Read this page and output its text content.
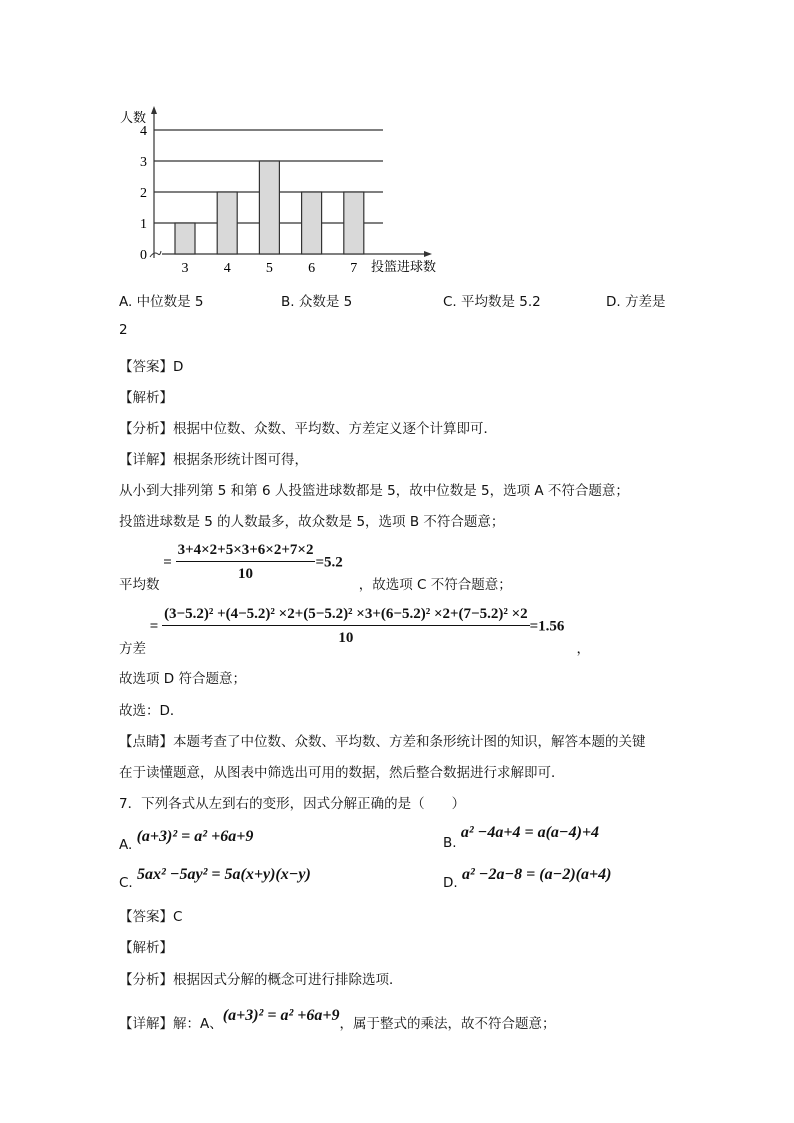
人数
投篮进球数
0
1
2
3
4
3	4	5	6	7
A. 中位数是 5	B. 众数是 5	C. 平均数是 5.2	D. 方差是
2
【答案】D
【解析】
【分析】根据中位数、众数、平均数、方差定义逐个计算即可．
【详解】根据条形统计图可得，
从小到大排列第 5 和第 6 人投篮进球数都是 5，故中位数是 5，选项 A 不符合题意；
投篮进球数是 5 的人数最多，故众数是 5，选项 B 不符合题意；
平均数 = $\frac{3+4\times 2+5\times 3+6\times 2+7\times 2}{10} =5.2$，故选项 C 不符合题意；
方差 = $\frac{\text{(3−5.2)² +(4−5.2)² ×2+(5−5.2)² ×3+(6−5.2)² ×2+(7−5.2)² ×2}}{10} =1.56$，
故选项 D 符合题意；
故选：D．
【点睛】本题考查了中位数、众数、平均数、方差和条形统计图的知识，解答本题的关键
在于读懂题意，从图表中筛选出可用的数据，然后整合数据进行求解即可．
7．下列各式从左到右的变形，因式分解正确的是（　　）
A. (a+3)² = a² +6a+9	B. a² −4a+4 = a(a−4)+4
C. 5ax² −5ay² = 5a(x+y)(x−y)	D. a² −2a−8 = (a−2)(a+4)
【答案】C
【解析】
【分析】根据因式分解的概念可进行排除选项．
【详解】解：A、(a+3)² = a² +6a+9，属于整式的乘法，故不符合题意；
